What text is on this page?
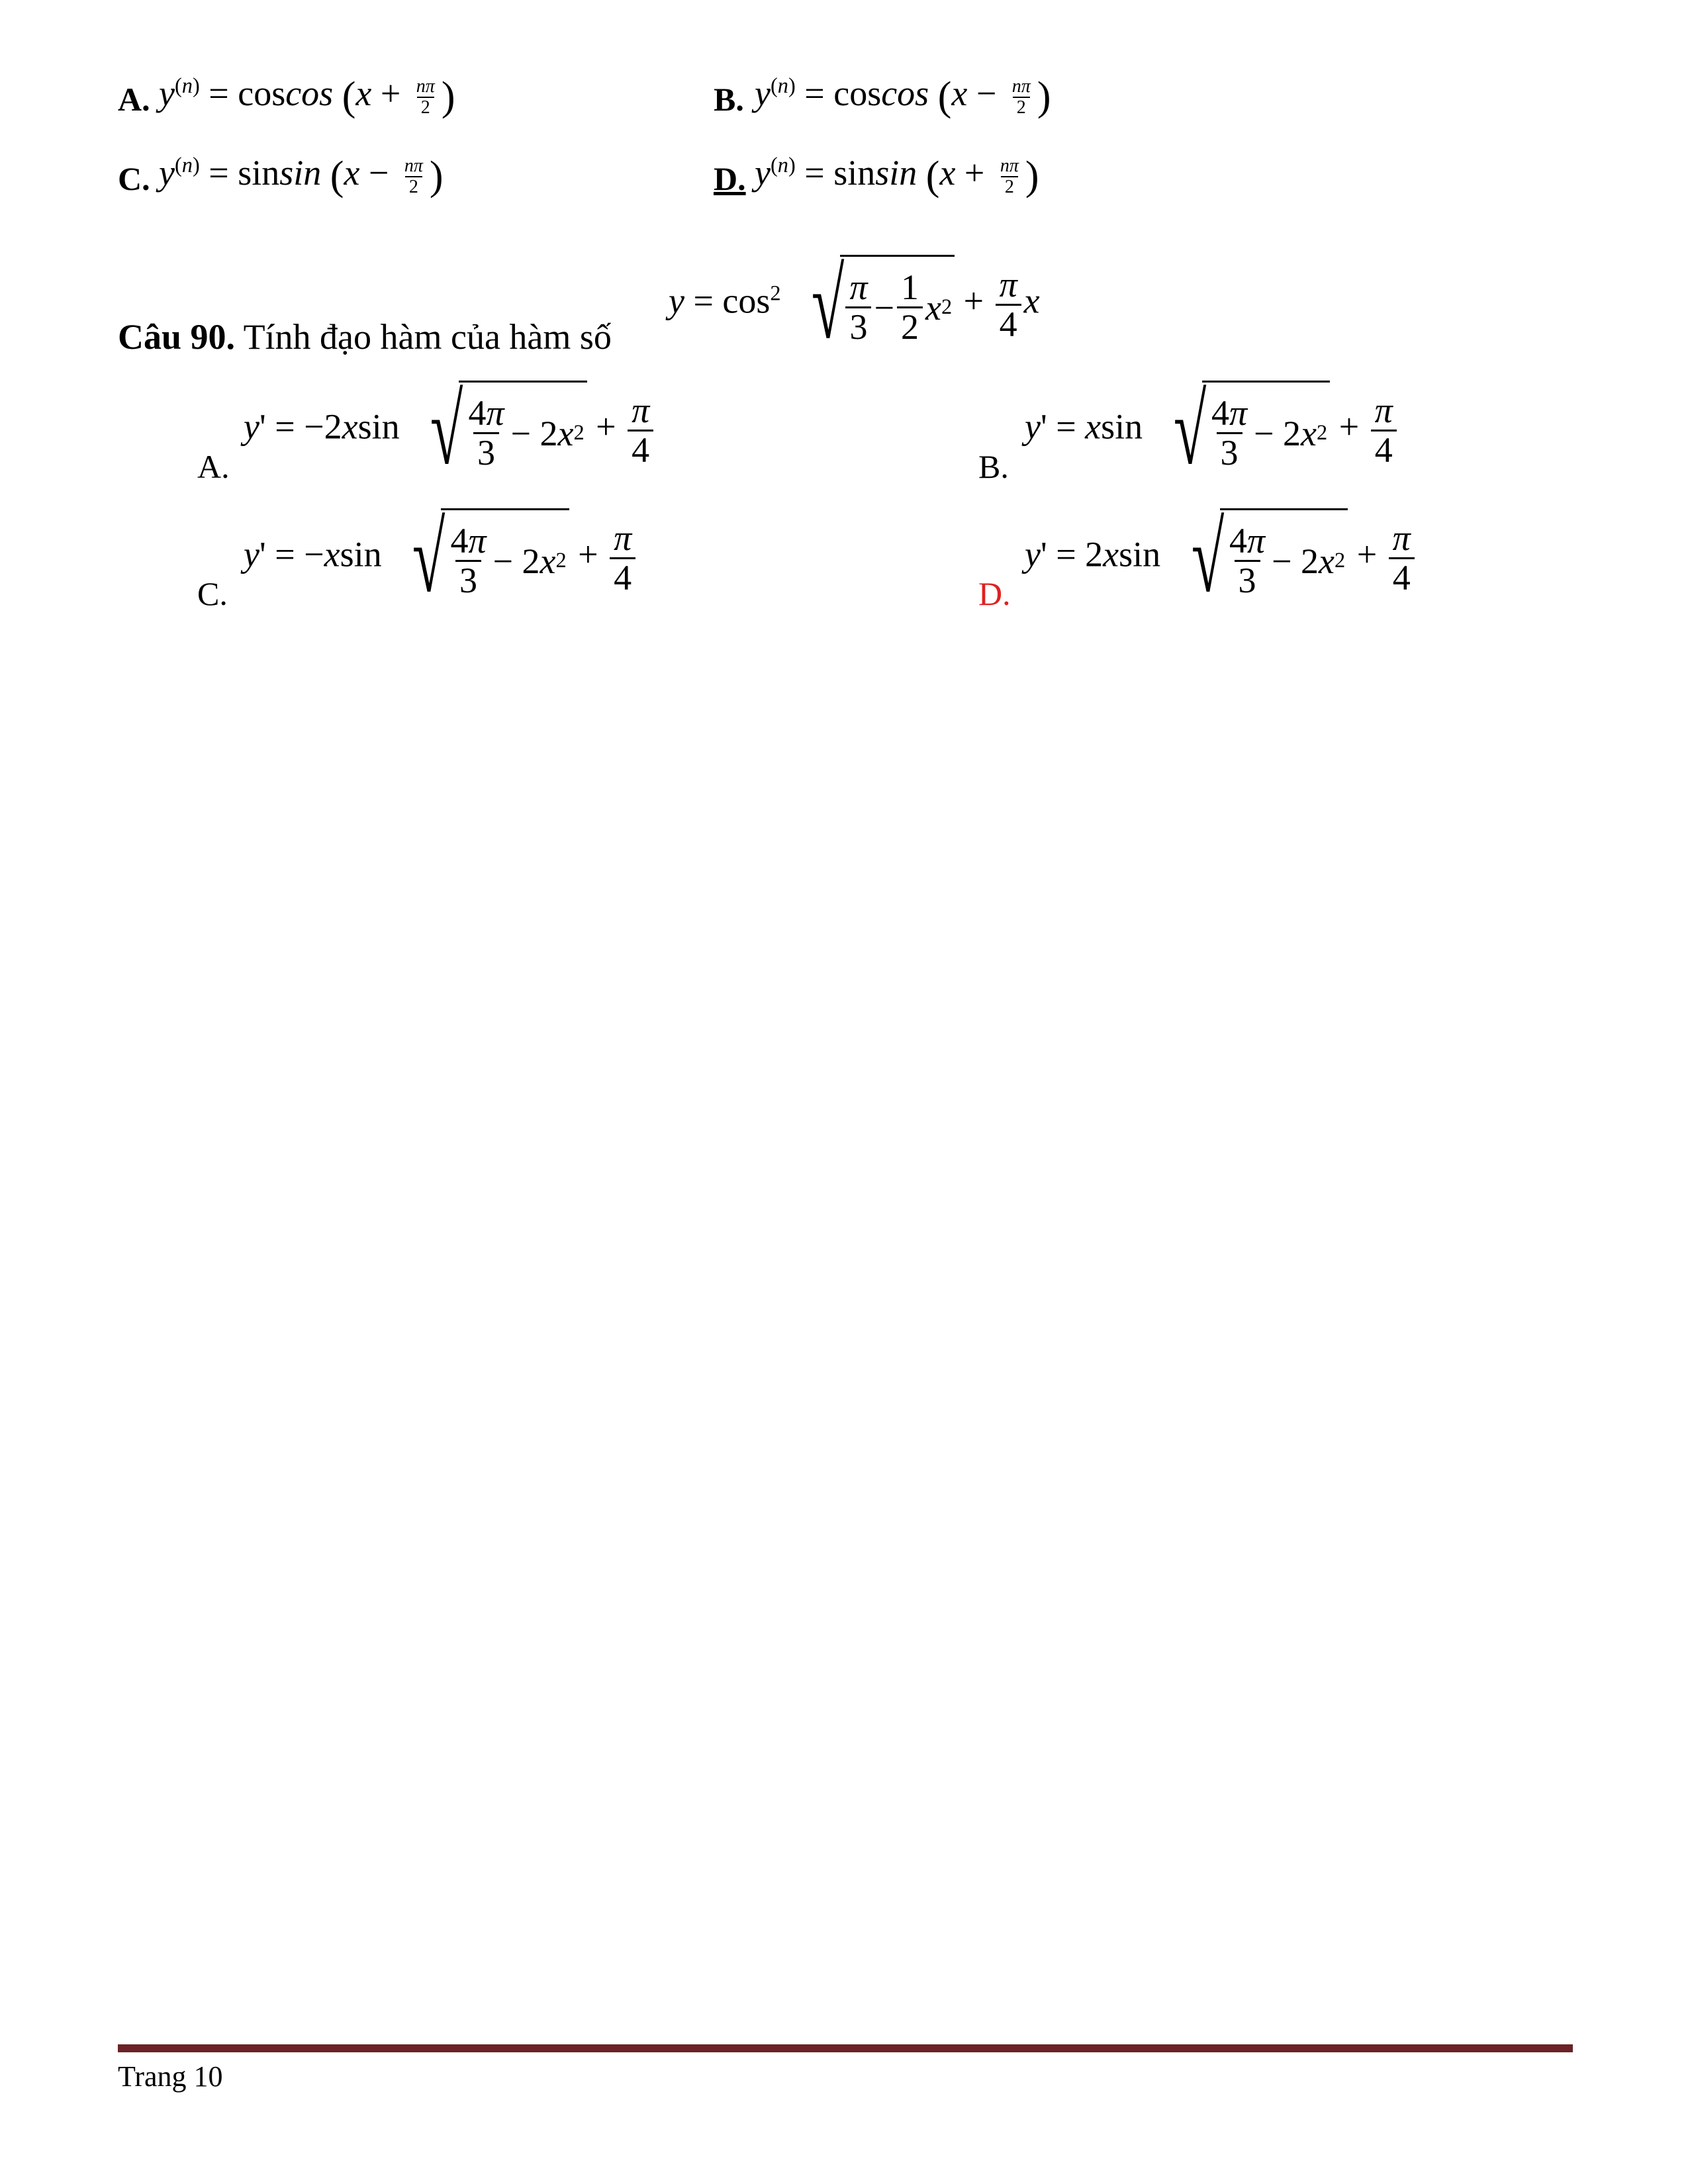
A. $y^{(n)} = coscos$ ($x + \frac{n\pi}{2}$ )	B. $y^{(n)} = coscos$ ($x - \frac{n\pi}{2}$ )
C. $y^{(n)} = sinsin$ ($x - \frac{n\pi}{2}$ )	D. $y^{(n)} = sinsin$ ($x + \frac{n\pi}{2}$ )
Câu 90. Tính đạo hàm của hàm số
$y = \cos^2$ √ $\frac{\pi}{3} - \frac{1}{2}$ x $2 + \frac{\pi}{4}$ x
A.
y' = −2xsin √ $\frac{4\pi}{3} - 2$ x $2 + \frac{\pi}{4}$	B.
y' = xsin √ $\frac{4\pi}{3} - 2$ x $2 + \frac{\pi}{4}$
C.
y' = −xsin √ $\frac{4\pi}{3} - 2$ x $2 + \frac{\pi}{4}$	D.
y' = 2xsin √ $\frac{4\pi}{3} - 2$ x $2 + \frac{\pi}{4}$
Trang 10
